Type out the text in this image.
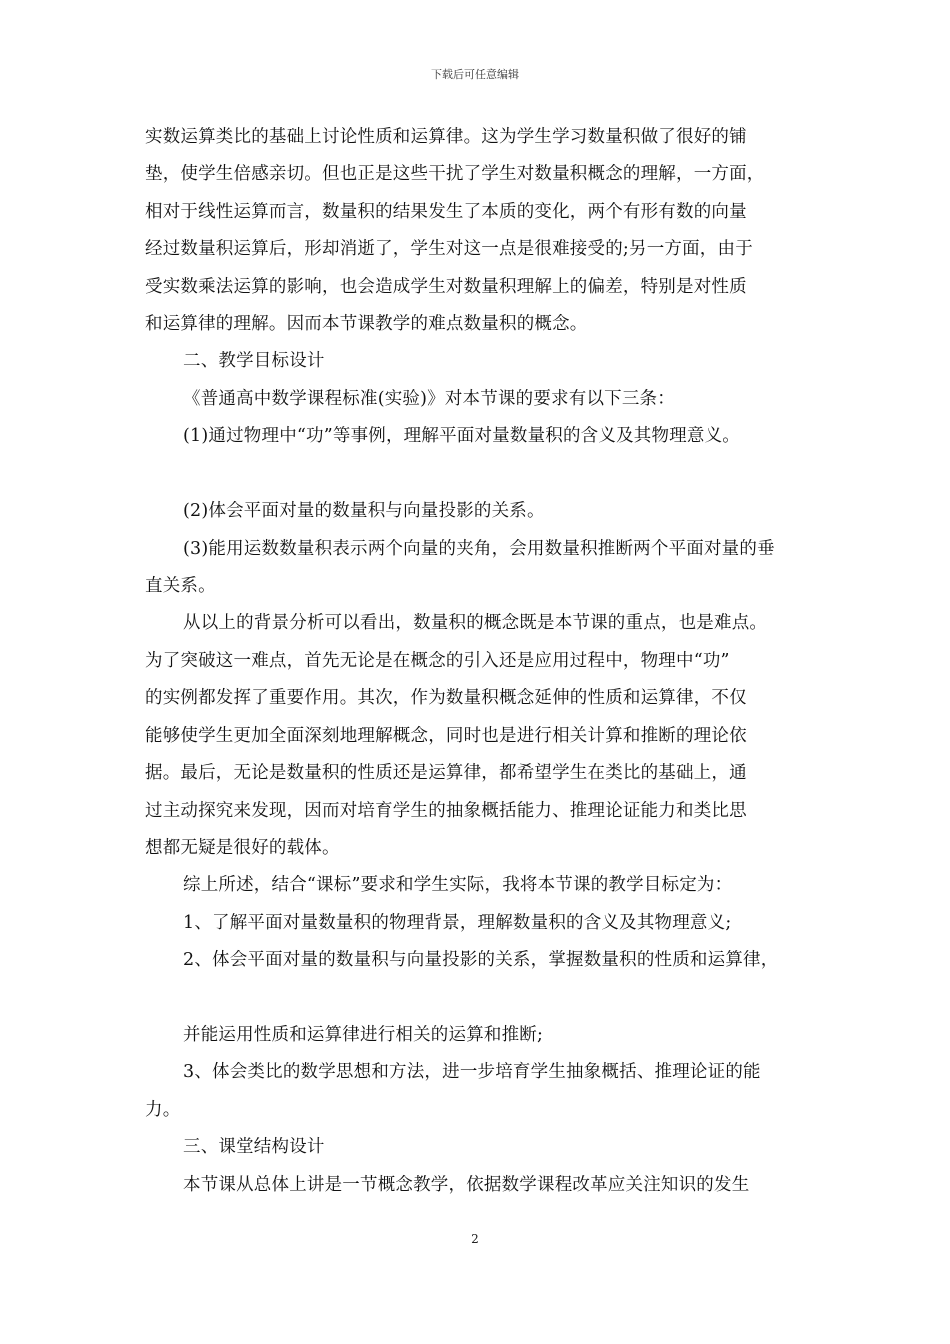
下载后可任意编辑
实数运算类比的基础上讨论性质和运算律。这为学生学习数量积做了很好的铺
垫，使学生倍感亲切。但也正是这些干扰了学生对数量积概念的理解，一方面，
相对于线性运算而言，数量积的结果发生了本质的变化，两个有形有数的向量
经过数量积运算后，形却消逝了，学生对这一点是很难接受的;另一方面，由于
受实数乘法运算的影响，也会造成学生对数量积理解上的偏差，特别是对性质
和运算律的理解。因而本节课教学的难点数量积的概念。
二、教学目标设计
《普通高中数学课程标准(实验)》对本节课的要求有以下三条：
(1)通过物理中“功”等事例，理解平面对量数量积的含义及其物理意义。
(2)体会平面对量的数量积与向量投影的关系。
(3)能用运数数量积表示两个向量的夹角，会用数量积推断两个平面对量的垂
直关系。
从以上的背景分析可以看出，数量积的概念既是本节课的重点，也是难点。
为了突破这一难点，首先无论是在概念的引入还是应用过程中，物理中“功”
的实例都发挥了重要作用。其次，作为数量积概念延伸的性质和运算律，不仅
能够使学生更加全面深刻地理解概念，同时也是进行相关计算和推断的理论依
据。最后，无论是数量积的性质还是运算律，都希望学生在类比的基础上，通
过主动探究来发现，因而对培育学生的抽象概括能力、推理论证能力和类比思
想都无疑是很好的载体。
综上所述，结合“课标”要求和学生实际，我将本节课的教学目标定为：
1、了解平面对量数量积的物理背景，理解数量积的含义及其物理意义;
2、体会平面对量的数量积与向量投影的关系，掌握数量积的性质和运算律，
并能运用性质和运算律进行相关的运算和推断;
3、体会类比的数学思想和方法，进一步培育学生抽象概括、推理论证的能
力。
三、课堂结构设计
本节课从总体上讲是一节概念教学，依据数学课程改革应关注知识的发生
2
